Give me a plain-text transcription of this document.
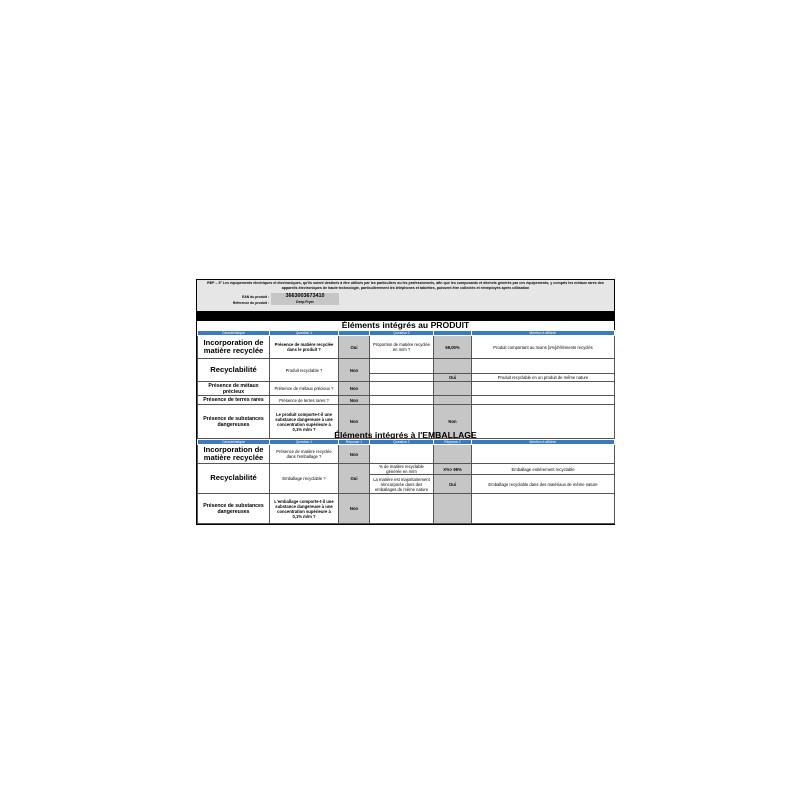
REP – 5° Les équipements électriques et électroniques, qu'ils soient destinés à être utilisés par les particuliers ou les professionnels, afin que les composants et déchets générés par ces équipements, y compris les métaux rares des appareils électroniques de haute technologie, particulièrement les téléphones et tablettes, puissent être collectés et réemployés après utilisation
EAN du produit :	3663003673410
Reference du produit :	Deep Fryer
Éléments intégrés au PRODUIT
Caractéristique	Question 1		Question 2		Mention à afficher
Incorporation de matière recyclée	Présence de matière recyclée dans le produit ?	Oui	Proportion de matière recyclée en m/m ?	69,00%	Produit comportant au moins [x%]d'éléments recyclés
Recyclabilité	Produit recyclable ?	Non			
				Oui	Produit recyclable en un produit de même nature
Présence de métaux précieux	Présence de métaux précieux ?	Non			
Présence de terres rares	Présence de terres rares ?	Non			
Présence de substances dangereuses	Le produit comporte-t-il une substance dangereuse à une concentration supérieure à 0,1% m/m ?	Non		Non	
Éléments intégrés à l'EMBALLAGE
Caractéristique	Question 1	Réponse 1	Question 2	Réponse 2	Mention à afficher
Incorporation de matière recyclée	Présence de matière recyclée dans l'emballage ?	Non			
Recyclabilité	Emballage recyclable ?	Oui	% de matière recyclable générée en m/m	X%> 95%	Emballage entièrement recyclable
			La matière est majoritairement réincorporée dans des emballages de même nature	Oui	Emballage recyclable dans des matériaux de même nature
Présence de substances dangereuses	L'emballage comporte-t-il une substance dangereuse à une concentration supérieure à 0,1% m/m ?	Non			
